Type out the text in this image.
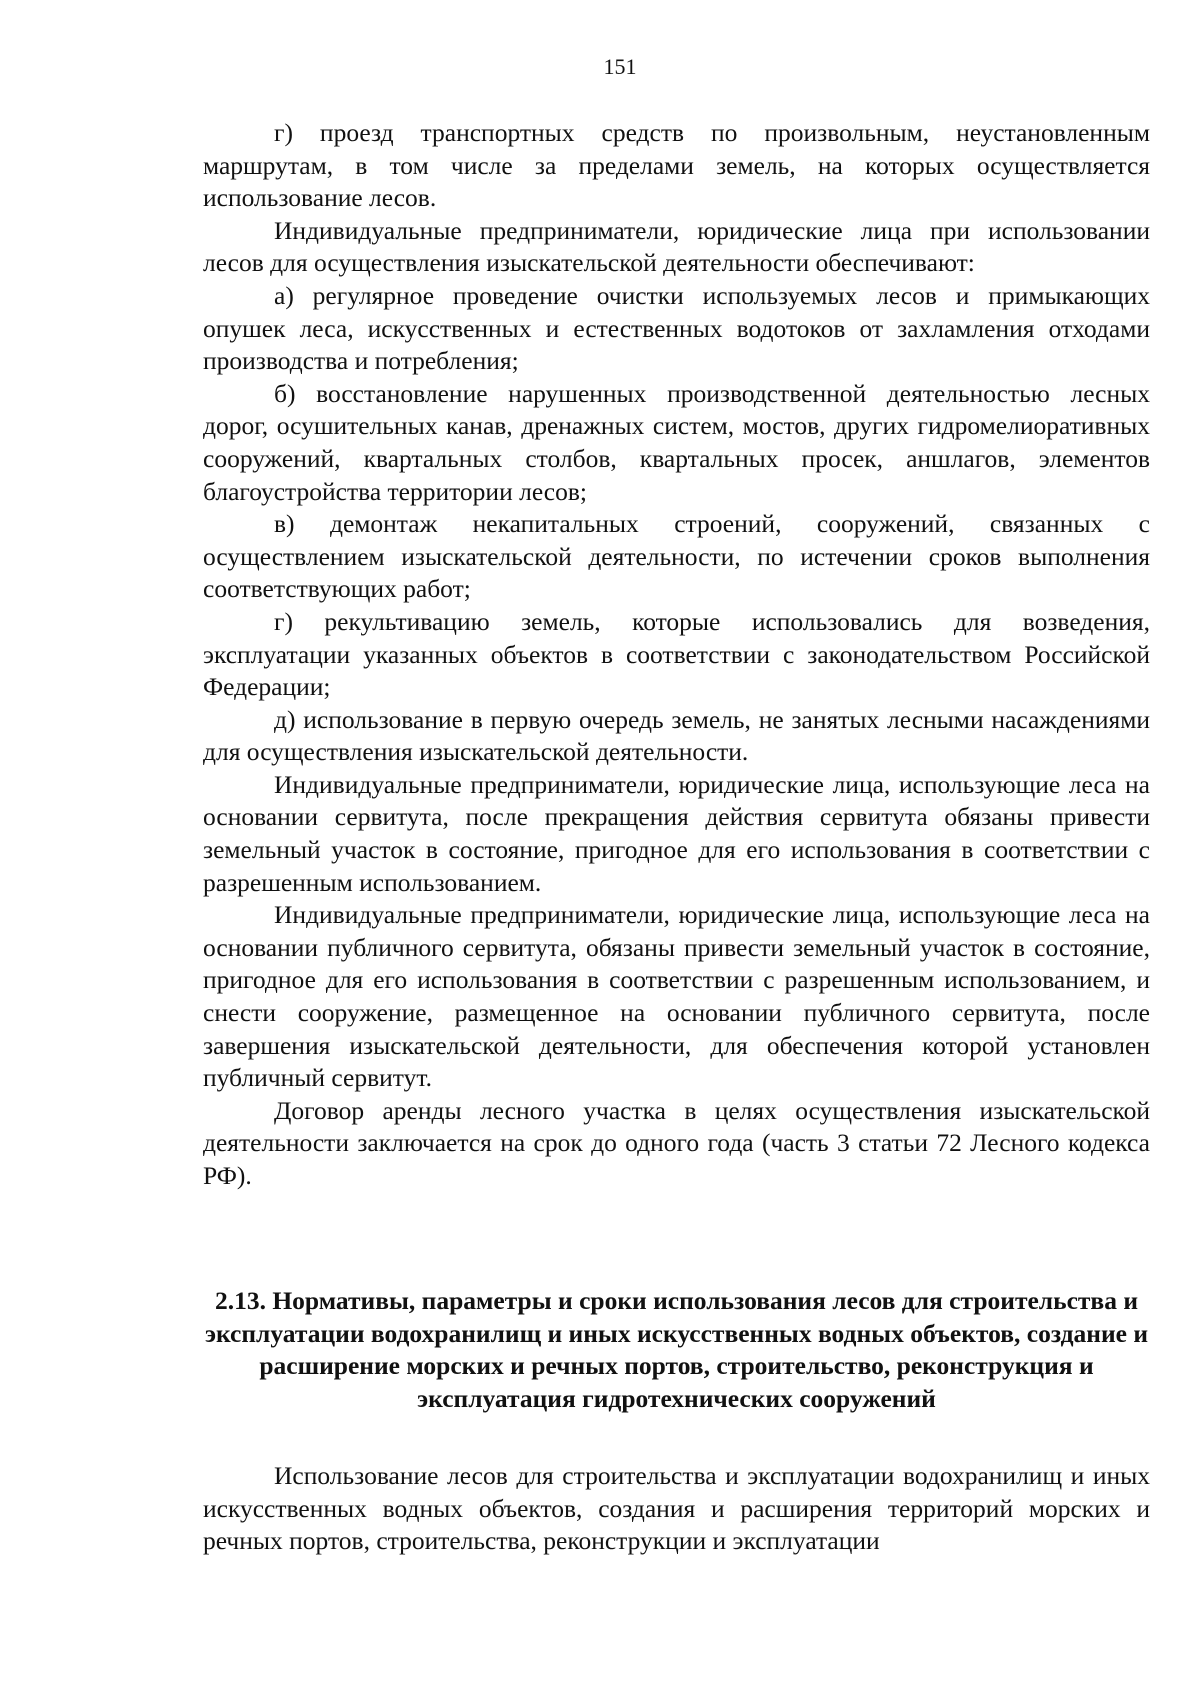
151

г) проезд транспортных средств по произвольным, неустановленным маршрутам, в том числе за пределами земель, на которых осуществляется использование лесов.

Индивидуальные предприниматели, юридические лица при использовании лесов для осуществления изыскательской деятельности обеспечивают:

а) регулярное проведение очистки используемых лесов и примыкающих опушек леса, искусственных и естественных водотоков от захламления отходами производства и потребления;

б) восстановление нарушенных производственной деятельностью лесных дорог, осушительных канав, дренажных систем, мостов, других гидромелиоративных сооружений, квартальных столбов, квартальных просек, аншлагов, элементов благоустройства территории лесов;

в) демонтаж некапитальных строений, сооружений, связанных с осуществлением изыскательской деятельности, по истечении сроков выполнения соответствующих работ;

г) рекультивацию земель, которые использовались для возведения, эксплуатации указанных объектов в соответствии с законодательством Российской Федерации;

д) использование в первую очередь земель, не занятых лесными насаждениями для осуществления изыскательской деятельности.

Индивидуальные предприниматели, юридические лица, использующие леса на основании сервитута, после прекращения действия сервитута обязаны привести земельный участок в состояние, пригодное для его использования в соответствии с разрешенным использованием.

Индивидуальные предприниматели, юридические лица, использующие леса на основании публичного сервитута, обязаны привести земельный участок в состояние, пригодное для его использования в соответствии с разрешенным использованием, и снести сооружение, размещенное на основании публичного сервитута, после завершения изыскательской деятельности, для обеспечения которой установлен публичный сервитут.

Договор аренды лесного участка в целях осуществления изыскательской деятельности заключается на срок до одного года (часть 3 статьи 72 Лесного кодекса РФ).

2.13. Нормативы, параметры и сроки использования лесов для строительства и эксплуатации водохранилищ и иных искусственных водных объектов, создание и расширение морских и речных портов, строительство, реконструкция и эксплуатация гидротехнических сооружений

Использование лесов для строительства и эксплуатации водохранилищ и иных искусственных водных объектов, создания и расширения территорий морских и речных портов, строительства, реконструкции и эксплуатации
